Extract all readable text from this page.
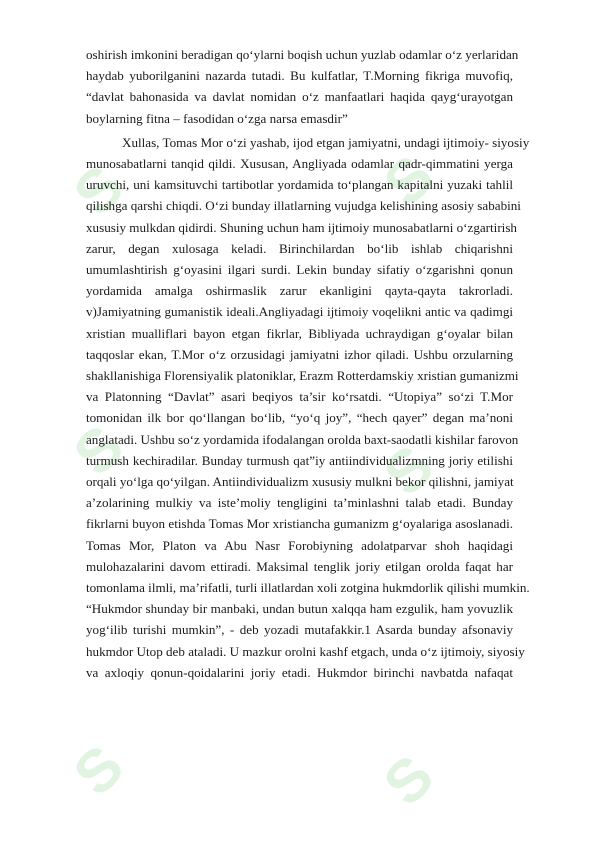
S
S
S
S
S
S

oshirish imkonini beradigan qo‘ylarni boqish uchun yuzlab odamlar o‘z yerlaridan
haydab yuborilganini nazarda tutadi. Bu kulfatlar, T.Morning fikriga muvofiq,
“davlat bahonasida va davlat nomidan o‘z manfaatlari haqida qayg‘urayotgan
boylarning fitna – fasodidan o‘zga narsa emasdir”

Xullas, Tomas Mor o‘zi yashab, ijod etgan jamiyatni, undagi ijtimoiy- siyosiy
munosabatlarni tanqid qildi. Xususan, Angliyada odamlar qadr-qimmatini yerga
uruvchi, uni kamsituvchi tartibotlar yordamida to‘plangan kapitalni yuzaki tahlil
qilishga qarshi chiqdi. O‘zi bunday illatlarning vujudga kelishining asosiy sababini
xususiy mulkdan qidirdi. Shuning uchun ham ijtimoiy munosabatlarni o‘zgartirish
zarur, degan xulosaga keladi. Birinchilardan bo‘lib ishlab chiqarishni
umumlashtirish g‘oyasini ilgari surdi. Lekin bunday sifatiy o‘zgarishni qonun
yordamida amalga oshirmaslik zarur ekanligini qayta-qayta takrorladi.
v)Jamiyatning gumanistik ideali.Angliyadagi ijtimoiy voqelikni antic va qadimgi
xristian mualliflari bayon etgan fikrlar, Bibliyada uchraydigan g‘oyalar bilan
taqqoslar ekan, T.Mor o‘z orzusidagi jamiyatni izhor qiladi. Ushbu orzularning
shakllanishiga Florensiyalik platoniklar, Erazm Rotterdamskiy xristian gumanizmi
va Platonning “Davlat” asari beqiyos ta’sir ko‘rsatdi. “Utopiya” so‘zi T.Mor
tomonidan ilk bor qo‘llangan bo‘lib, “yo‘q joy”, “hech qayer” degan ma’noni
anglatadi. Ushbu so‘z yordamida ifodalangan orolda baxt-saodatli kishilar farovon
turmush kechiradilar. Bunday turmush qat”iy antiindividualizmning joriy etilishi
orqali yo‘lga qo‘yilgan. Antiindividualizm xususiy mulkni bekor qilishni, jamiyat
a’zolarining mulkiy va iste’moliy tengligini ta’minlashni talab etadi. Bunday
fikrlarni buyon etishda Tomas Mor xristiancha gumanizm g‘oyalariga asoslanadi.
Tomas Mor, Platon va Abu Nasr Forobiyning adolatparvar shoh haqidagi
mulohazalarini davom ettiradi. Maksimal tenglik joriy etilgan orolda faqat har
tomonlama ilmli, ma’rifatli, turli illatlardan xoli zotgina hukmdorlik qilishi mumkin.
“Hukmdor shunday bir manbaki, undan butun xalqqa ham ezgulik, ham yovuzlik
yog‘ilib turishi mumkin”, - deb yozadi mutafakkir.1 Asarda bunday afsonaviy
hukmdor Utop deb ataladi. U mazkur orolni kashf etgach, unda o‘z ijtimoiy, siyosiy
va axloqiy qonun-qoidalarini joriy etadi. Hukmdor birinchi navbatda nafaqat
